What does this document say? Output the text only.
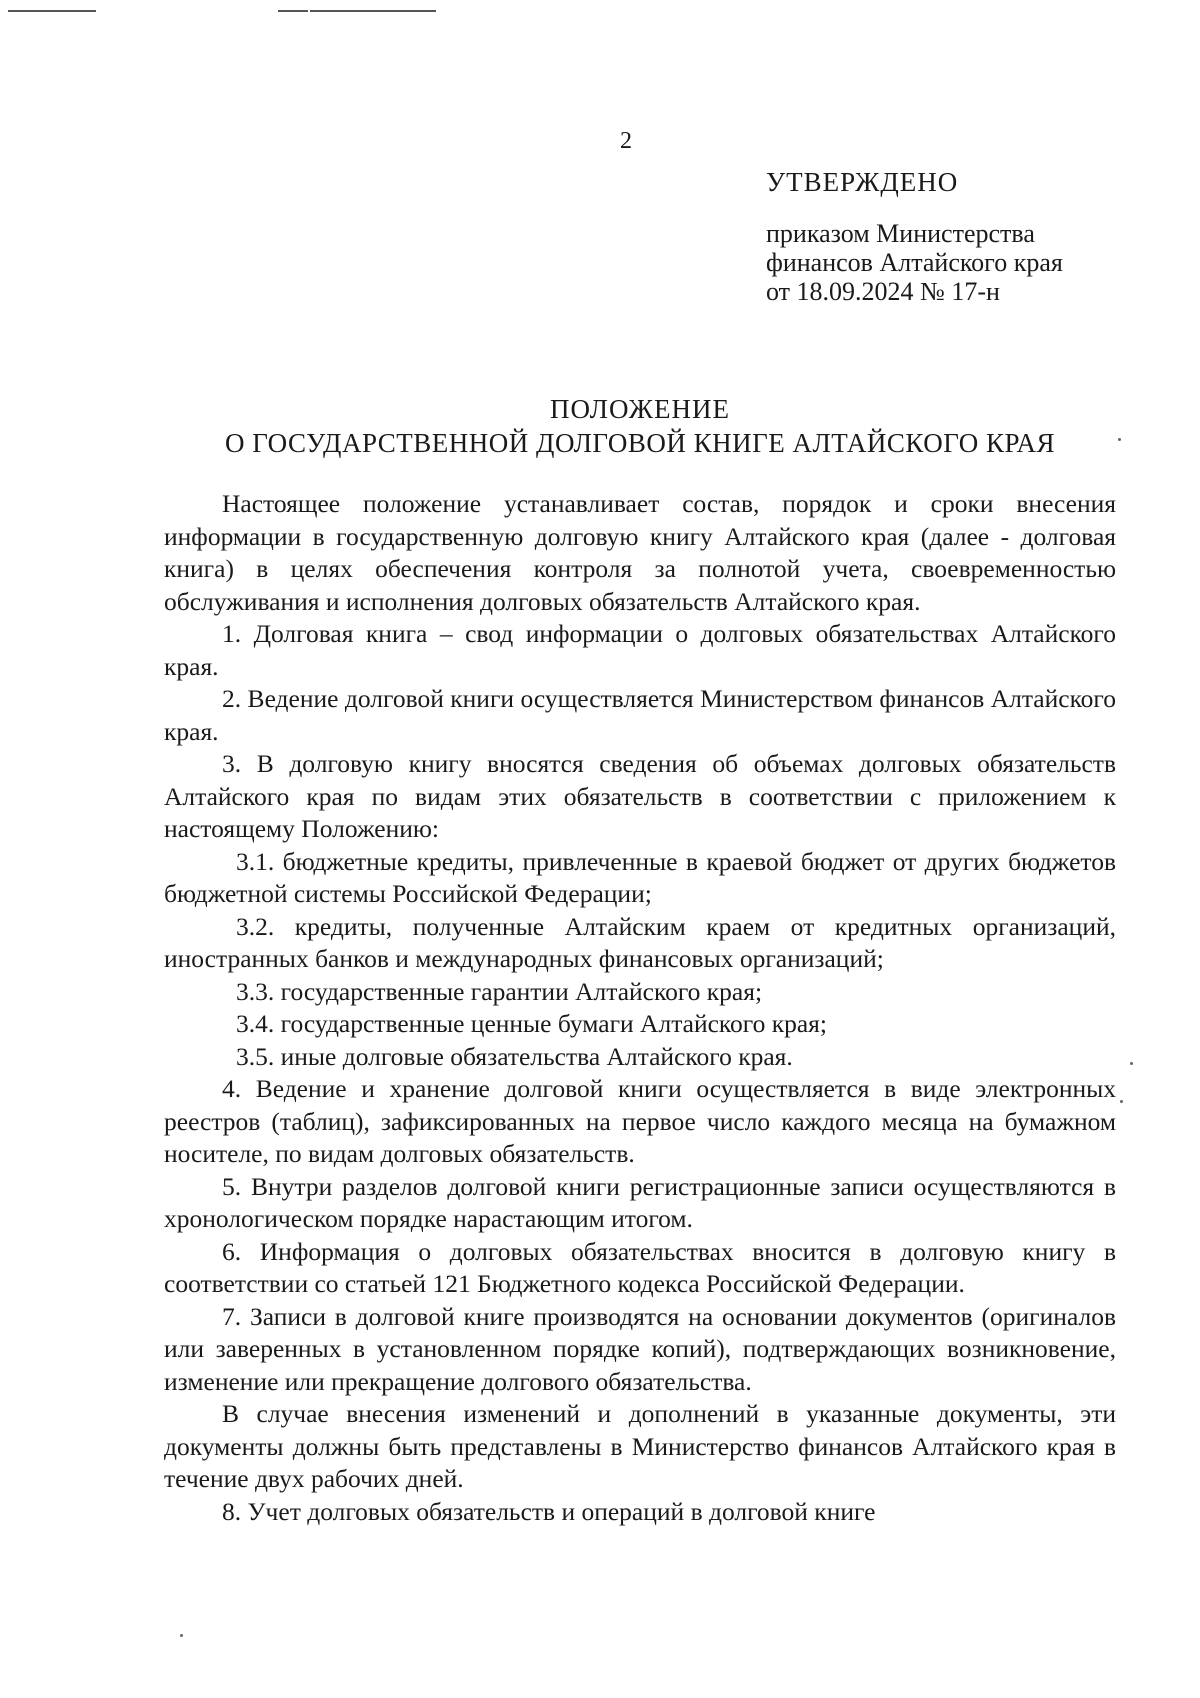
2
УТВЕРЖДЕНО
приказом Министерства
финансов Алтайского края
от 18.09.2024 № 17-н
ПОЛОЖЕНИЕ
О ГОСУДАРСТВЕННОЙ ДОЛГОВОЙ КНИГЕ АЛТАЙСКОГО КРАЯ

Настоящее положение устанавливает состав, порядок и сроки внесения информации в государственную долговую книгу Алтайского края (далее - долговая книга) в целях обеспечения контроля за полнотой учета, своевременностью обслуживания и исполнения долговых обязательств Алтайского края.

1. Долговая книга – свод информации о долговых обязательствах Алтайского края.

2. Ведение долговой книги осуществляется Министерством финансов Алтайского края.

3. В долговую книгу вносятся сведения об объемах долговых обязательств Алтайского края по видам этих обязательств в соответствии с приложением к настоящему Положению:

3.1. бюджетные кредиты, привлеченные в краевой бюджет от других бюджетов бюджетной системы Российской Федерации;

3.2. кредиты, полученные Алтайским краем от кредитных организаций, иностранных банков и международных финансовых организаций;

3.3. государственные гарантии Алтайского края;

3.4. государственные ценные бумаги Алтайского края;

3.5. иные долговые обязательства Алтайского края.

4. Ведение и хранение долговой книги осуществляется в виде электронных реестров (таблиц), зафиксированных на первое число каждого месяца на бумажном носителе, по видам долговых обязательств.

5. Внутри разделов долговой книги регистрационные записи осуществляются в хронологическом порядке нарастающим итогом.

6. Информация о долговых обязательствах вносится в долговую книгу в соответствии со статьей 121 Бюджетного кодекса Российской Федерации.

7. Записи в долговой книге производятся на основании документов (оригиналов или заверенных в установленном порядке копий), подтверждающих возникновение, изменение или прекращение долгового обязательства.

В случае внесения изменений и дополнений в указанные документы, эти документы должны быть представлены в Министерство финансов Алтайского края в течение двух рабочих дней.

8. Учет долговых обязательств и операций в долговой книге
